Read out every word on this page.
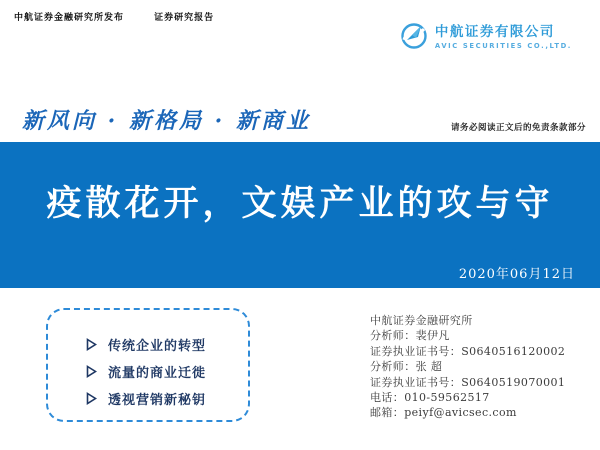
中航证券金融研究所发布	证券研究报告
中航证券有限公司
AVIC SECURITIES CO.,LTD.
新风向 · 新格局 · 新商业	请务必阅读正文后的免责条款部分
疫散花开，文娱产业的攻与守
2020年06月12日
传统企业的转型
流量的商业迁徙
透视营销新秘钥
中航证券金融研究所
分析师：裴伊凡
证券执业证书号：S0640516120002
分析师：张 超
证券执业证书号：S0640519070001
电话：010-59562517
邮箱：peiyf@avicsec.com
